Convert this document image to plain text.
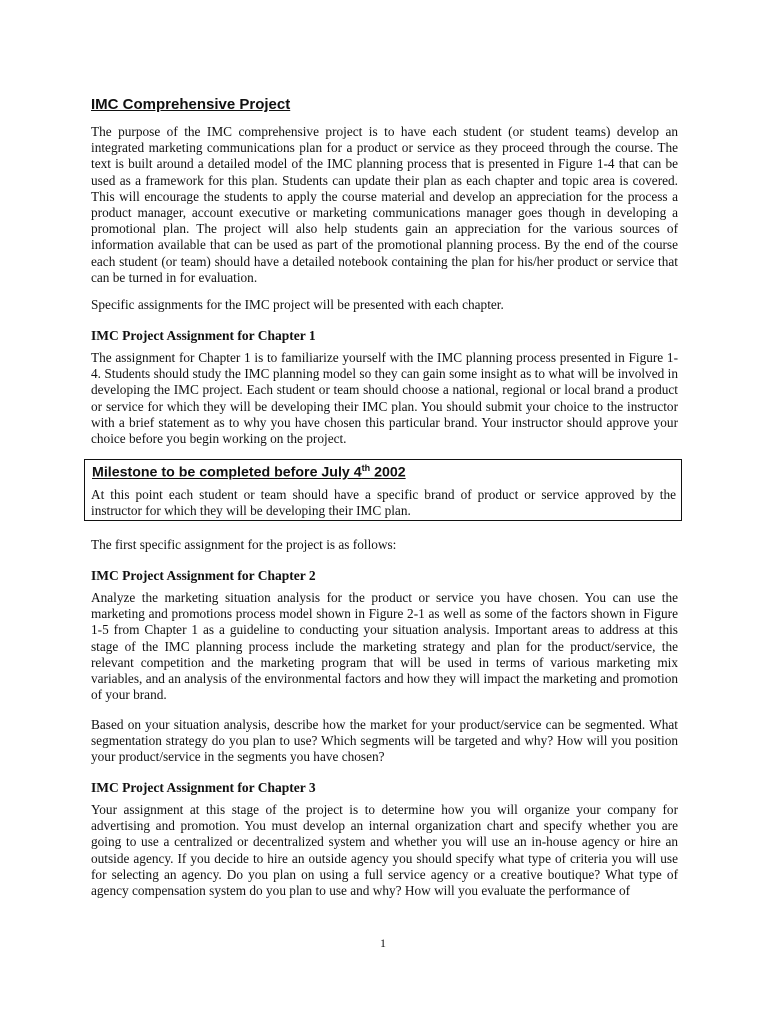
IMC Comprehensive Project

The purpose of the IMC comprehensive project is to have each student (or student teams) develop an integrated marketing communications plan for a product or service as they proceed through the course. The text is built around a detailed model of the IMC planning process that is presented in Figure 1-4 that can be used as a framework for this plan. Students can update their plan as each chapter and topic area is covered. This will encourage the students to apply the course material and develop an appreciation for the process a product manager, account executive or marketing communications manager goes though in developing a promotional plan. The project will also help students gain an appreciation for the various sources of information available that can be used as part of the promotional planning process. By the end of the course each student (or team) should have a detailed notebook containing the plan for his/her product or service that can be turned in for evaluation.

Specific assignments for the IMC project will be presented with each chapter.

IMC Project Assignment for Chapter 1

The assignment for Chapter 1 is to familiarize yourself with the IMC planning process presented in Figure 1-4. Students should study the IMC planning model so they can gain some insight as to what will be involved in developing the IMC project. Each student or team should choose a national, regional or local brand a product or service for which they will be developing their IMC plan. You should submit your choice to the instructor with a brief statement as to why you have chosen this particular brand. Your instructor should approve your choice before you begin working on the project.

Milestone to be completed before July 4th 2002

At this point each student or team should have a specific brand of product or service approved by the instructor for which they will be developing their IMC plan.

The first specific assignment for the project is as follows:

IMC Project Assignment for Chapter 2

Analyze the marketing situation analysis for the product or service you have chosen. You can use the marketing and promotions process model shown in Figure 2-1 as well as some of the factors shown in Figure 1-5 from Chapter 1 as a guideline to conducting your situation analysis. Important areas to address at this stage of the IMC planning process include the marketing strategy and plan for the product/service, the relevant competition and the marketing program that will be used in terms of various marketing mix variables, and an analysis of the environmental factors and how they will impact the marketing and promotion of your brand.

Based on your situation analysis, describe how the market for your product/service can be segmented. What segmentation strategy do you plan to use? Which segments will be targeted and why? How will you position your product/service in the segments you have chosen?

IMC Project Assignment for Chapter 3

Your assignment at this stage of the project is to determine how you will organize your company for advertising and promotion. You must develop an internal organization chart and specify whether you are going to use a centralized or decentralized system and whether you will use an in-house agency or hire an outside agency. If you decide to hire an outside agency you should specify what type of criteria you will use for selecting an agency. Do you plan on using a full service agency or a creative boutique? What type of agency compensation system do you plan to use and why? How will you evaluate the performance of

1
